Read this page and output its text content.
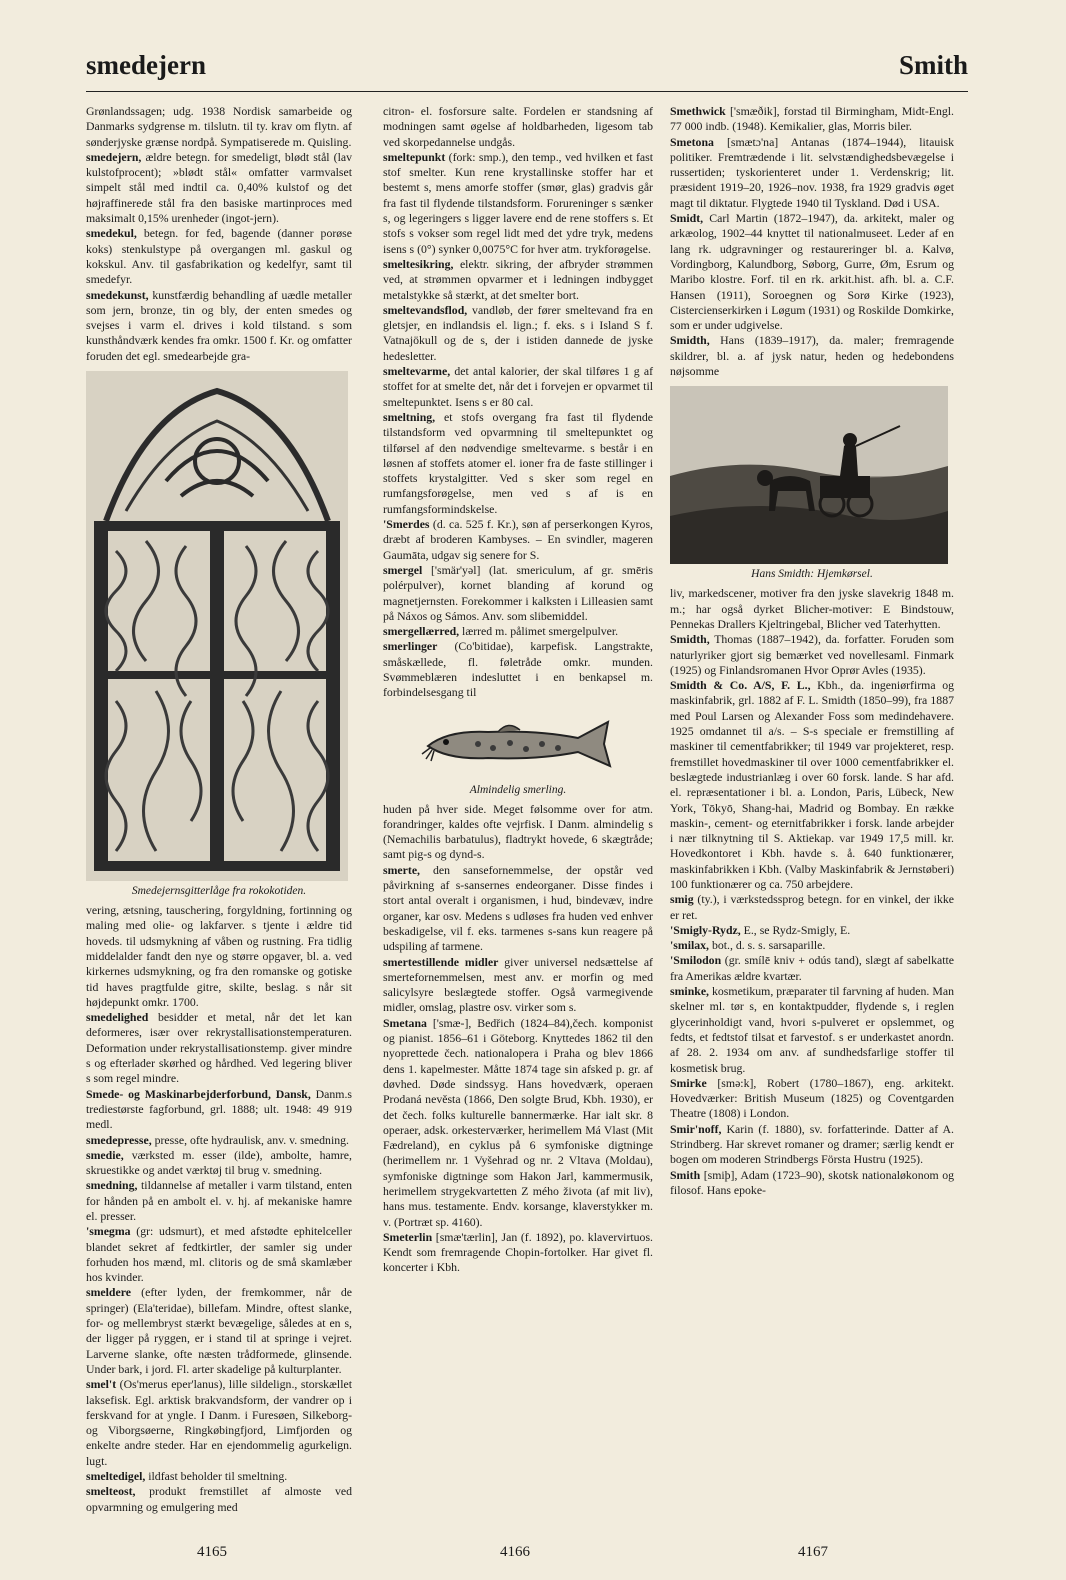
smedejern	Smith

Grønlandssagen; udg. 1938 Nordisk samarbeide og Danmarks sydgrense m. tilslutn. til ty. krav om flytn. af sønderjyske grænse nordpå. Sympatiserede m. Quisling.

smedejern, ældre betegn. for smedeligt, blødt stål (lav kulstofprocent); »blødt stål« omfatter varmvalset simpelt stål med indtil ca. 0,40% kulstof og det højraffinerede stål fra den basiske martinproces med maksimalt 0,15% urenheder (ingot-jern).

smedekul, betegn. for fed, bagende (danner porøse koks) stenkulstype på overgangen ml. gaskul og kokskul. Anv. til gasfabrikation og kedelfyr, samt til smedefyr.

smedekunst, kunstfærdig behandling af uædle metaller som jern, bronze, tin og bly, der enten smedes og svejses i varm el. drives i kold tilstand. s som kunsthåndværk kendes fra omkr. 1500 f. Kr. og omfatter foruden det egl. smedearbejde gra-

Smedejernsgitterlåge fra rokokotiden.

vering, ætsning, tauschering, forgyldning, fortinning og maling med olie- og lakfarver. s tjente i ældre tid hoveds. til udsmykning af våben og rustning. Fra tidlig middelalder fandt den nye og større opgaver, bl. a. ved kirkernes udsmykning, og fra den romanske og gotiske tid haves pragtfulde gitre, skilte, beslag. s når sit højdepunkt omkr. 1700.

smedelighed besidder et metal, når det let kan deformeres, især over rekrystallisationstemperaturen. Deformation under rekrystallisationstemp. giver mindre s og efterlader skørhed og hårdhed. Ved legering bliver s som regel mindre.

Smede- og Maskinarbejderforbund, Dansk, Danm.s trediestørste fagforbund, grl. 1888; ult. 1948: 49 919 medl.

smedepresse, presse, ofte hydraulisk, anv. v. smedning.

smedie, værksted m. esser (ilde), ambolte, hamre, skruestikke og andet værktøj til brug v. smedning.

smedning, tildannelse af metaller i varm tilstand, enten for hånden på en ambolt el. v. hj. af mekaniske hamre el. presser.

'smegma (gr: udsmurt), et med afstødte ephitelceller blandet sekret af fedtkirtler, der samler sig under forhuden hos mænd, ml. clitoris og de små skamlæber hos kvinder.

smeldere (efter lyden, der fremkommer, når de springer) (Ela'teridae), billefam. Mindre, oftest slanke, for- og mellembryst stærkt bevægelige, således at en s, der ligger på ryggen, er i stand til at springe i vejret. Larverne slanke, ofte næsten trådformede, glinsende. Under bark, i jord. Fl. arter skadelige på kulturplanter.

smel't (Os'merus eper'lanus), lille sildelign., storskællet laksefisk. Egl. arktisk brakvandsform, der vandrer op i ferskvand for at yngle. I Danm. i Furesøen, Silkeborg- og Viborgsøerne, Ringkøbingfjord, Limfjorden og enkelte andre steder. Har en ejendommelig agurkelign. lugt.

smeltedigel, ildfast beholder til smeltning.

smelteost, produkt fremstillet af almoste ved opvarmning og emulgering med

citron- el. fosforsure salte. Fordelen er standsning af modningen samt øgelse af holdbarheden, ligesom tab ved skorpedannelse undgås.

smeltepunkt (fork: smp.), den temp., ved hvilken et fast stof smelter. Kun rene krystallinske stoffer har et bestemt s, mens amorfe stoffer (smør, glas) gradvis går fra fast til flydende tilstandsform. Forureninger s sænker s, og legeringers s ligger lavere end de rene stoffers s. Et stofs s vokser som regel lidt med det ydre tryk, medens isens s (0°) synker 0,0075°C for hver atm. trykforøgelse.

smeltesikring, elektr. sikring, der afbryder strømmen ved, at strømmen opvarmer et i ledningen indbygget metalstykke så stærkt, at det smelter bort.

smeltevandsflod, vandløb, der fører smeltevand fra en gletsjer, en indlandsis el. lign.; f. eks. s i Island S f. Vatnajökull og de s, der i istiden dannede de jyske hedesletter.

smeltevarme, det antal kalorier, der skal tilføres 1 g af stoffet for at smelte det, når det i forvejen er opvarmet til smeltepunktet. Isens s er 80 cal.

smeltning, et stofs overgang fra fast til flydende tilstandsform ved opvarmning til smeltepunktet og tilførsel af den nødvendige smeltevarme. s består i en løsnen af stoffets atomer el. ioner fra de faste stillinger i stoffets krystalgitter. Ved s sker som regel en rumfangsforøgelse, men ved s af is en rumfangsformindskelse.

'Smerdes (d. ca. 525 f. Kr.), søn af perserkongen Kyros, dræbt af broderen Kambyses. – En svindler, mageren Gaumāta, udgav sig senere for S.

smergel ['smär'yəl] (lat. smericulum, af gr. smēris polérpulver), kornet blanding af korund og magnetjernsten. Forekommer i kalksten i Lilleasien samt på Náxos og Sámos. Anv. som slibemiddel.

smergellærred, lærred m. pålimet smergelpulver.

smerlinger (Co'bitidae), karpefisk. Langstrakte, småskællede, fl. føletråde omkr. munden. Svømmeblæren indesluttet i en benkapsel m. forbindelsesgang til

Almindelig smerling.

huden på hver side. Meget følsomme over for atm. forandringer, kaldes ofte vejrfisk. I Danm. almindelig s (Nemachilis barbatulus), fladtrykt hovede, 6 skægtråde; samt pig-s og dynd-s.

smerte, den sansefornemmelse, der opstår ved påvirkning af s-sansernes endeorganer. Disse findes i stort antal overalt i organismen, i hud, bindevæv, indre organer, kar osv. Medens s udløses fra huden ved enhver beskadigelse, vil f. eks. tarmenes s-sans kun reagere på udspiling af tarmene.

smertestillende midler giver universel nedsættelse af smertefornemmelsen, mest anv. er morfin og med salicylsyre beslægtede stoffer. Også varmegivende midler, omslag, plastre osv. virker som s.

Smetana ['smæ-], Bedřich (1824–84),čech. komponist og pianist. 1856–61 i Göteborg. Knyttedes 1862 til den nyoprettede čech. nationalopera i Praha og blev 1866 dens 1. kapelmester. Måtte 1874 tage sin afsked p. gr. af døvhed. Døde sindssyg. Hans hovedværk, operaen Prodaná nevěsta (1866, Den solgte Brud, Kbh. 1930), er det čech. folks kulturelle bannermærke. Har ialt skr. 8 operaer, adsk. orkesterværker, herimellem Má Vlast (Mit Fædreland), en cyklus på 6 symfoniske digtninge (herimellem nr. 1 Vyšehrad og nr. 2 Vltava (Moldau), symfoniske digtninge som Hakon Jarl, kammermusik, herimellem strygekvartetten Z mého života (af mit liv), hans mus. testamente. Endv. korsange, klaverstykker m. v. (Portræt sp. 4160).

Smeterlin [smæ'tærlin], Jan (f. 1892), po. klavervirtuos. Kendt som fremragende Chopin-fortolker. Har givet fl. koncerter i Kbh.

Smethwick ['smæðik], forstad til Birmingham, Midt-Engl. 77 000 indb. (1948). Kemikalier, glas, Morris biler.

Smetona [smætɔ'na] Antanas (1874–1944), litauisk politiker. Fremtrædende i lit. selvstændighedsbevægelse i russertiden; tyskorienteret under 1. Verdenskrig; lit. præsident 1919–20, 1926–nov. 1938, fra 1929 gradvis øget magt til diktatur. Flygtede 1940 til Tyskland. Død i USA.

Smidt, Carl Martin (1872–1947), da. arkitekt, maler og arkæolog, 1902–44 knyttet til nationalmuseet. Leder af en lang rk. udgravninger og restaureringer bl. a. Kalvø, Vordingborg, Kalundborg, Søborg, Gurre, Øm, Esrum og Maribo klostre. Forf. til en rk. arkit.hist. afh. bl. a. C.F. Hansen (1911), Soroegnen og Sorø Kirke (1923), Cistercienserkirken i Løgum (1931) og Roskilde Domkirke, som er under udgivelse.

Smidth, Hans (1839–1917), da. maler; fremragende skildrer, bl. a. af jysk natur, heden og hedebondens nøjsomme

Hans Smidth: Hjemkørsel.

liv, markedscener, motiver fra den jyske slavekrig 1848 m. m.; har også dyrket Blicher-motiver: E Bindstouw, Pennekas Drallers Kjeltringebal, Blicher ved Taterhytten.

Smidth, Thomas (1887–1942), da. forfatter. Foruden som naturlyriker gjort sig bemærket ved novellesaml. Finmark (1925) og Finlandsromanen Hvor Oprør Avles (1935).

Smidth & Co. A/S, F. L., Kbh., da. ingeniørfirma og maskinfabrik, grl. 1882 af F. L. Smidth (1850–99), fra 1887 med Poul Larsen og Alexander Foss som medindehavere. 1925 omdannet til a/s. – S-s speciale er fremstilling af maskiner til cementfabrikker; til 1949 var projekteret, resp. fremstillet hovedmaskiner til over 1000 cementfabrikker el. beslægtede industrianlæg i over 60 forsk. lande. S har afd. el. repræsentationer i bl. a. London, Paris, Lübeck, New York, Tōkyō, Shang-hai, Madrid og Bombay. En række maskin-, cement- og eternitfabrikker i forsk. lande arbejder i nær tilknytning til S. Aktiekap. var 1949 17,5 mill. kr. Hovedkontoret i Kbh. havde s. å. 640 funktionærer, maskinfabrikken i Kbh. (Valby Maskinfabrik & Jernstøberi) 100 funktionærer og ca. 750 arbejdere.

smig (ty.), i værkstedssprog betegn. for en vinkel, der ikke er ret.

'Smigly-Rydz, E., se Rydz-Smigly, E.

'smilax, bot., d. s. s. sarsaparille.

'Smilodon (gr. smílē kniv + odús tand), slægt af sabelkatte fra Amerikas ældre kvartær.

sminke, kosmetikum, præparater til farvning af huden. Man skelner ml. tør s, en kontaktpudder, flydende s, i reglen glycerinholdigt vand, hvori s-pulveret er opslemmet, og fedts, et fedtstof tilsat et farvestof. s er underkastet anordn. af 28. 2. 1934 om anv. af sundhedsfarlige stoffer til kosmetisk brug.

Smirke [smə:k], Robert (1780–1867), eng. arkitekt. Hovedværker: British Museum (1825) og Coventgarden Theatre (1808) i London.

Smir'noff, Karin (f. 1880), sv. forfatterinde. Datter af A. Strindberg. Har skrevet romaner og dramer; særlig kendt er bogen om moderen Strindbergs Första Hustru (1925).

Smith [smiþ], Adam (1723–90), skotsk nationaløkonom og filosof. Hans epoke-

4165	4166	4167
